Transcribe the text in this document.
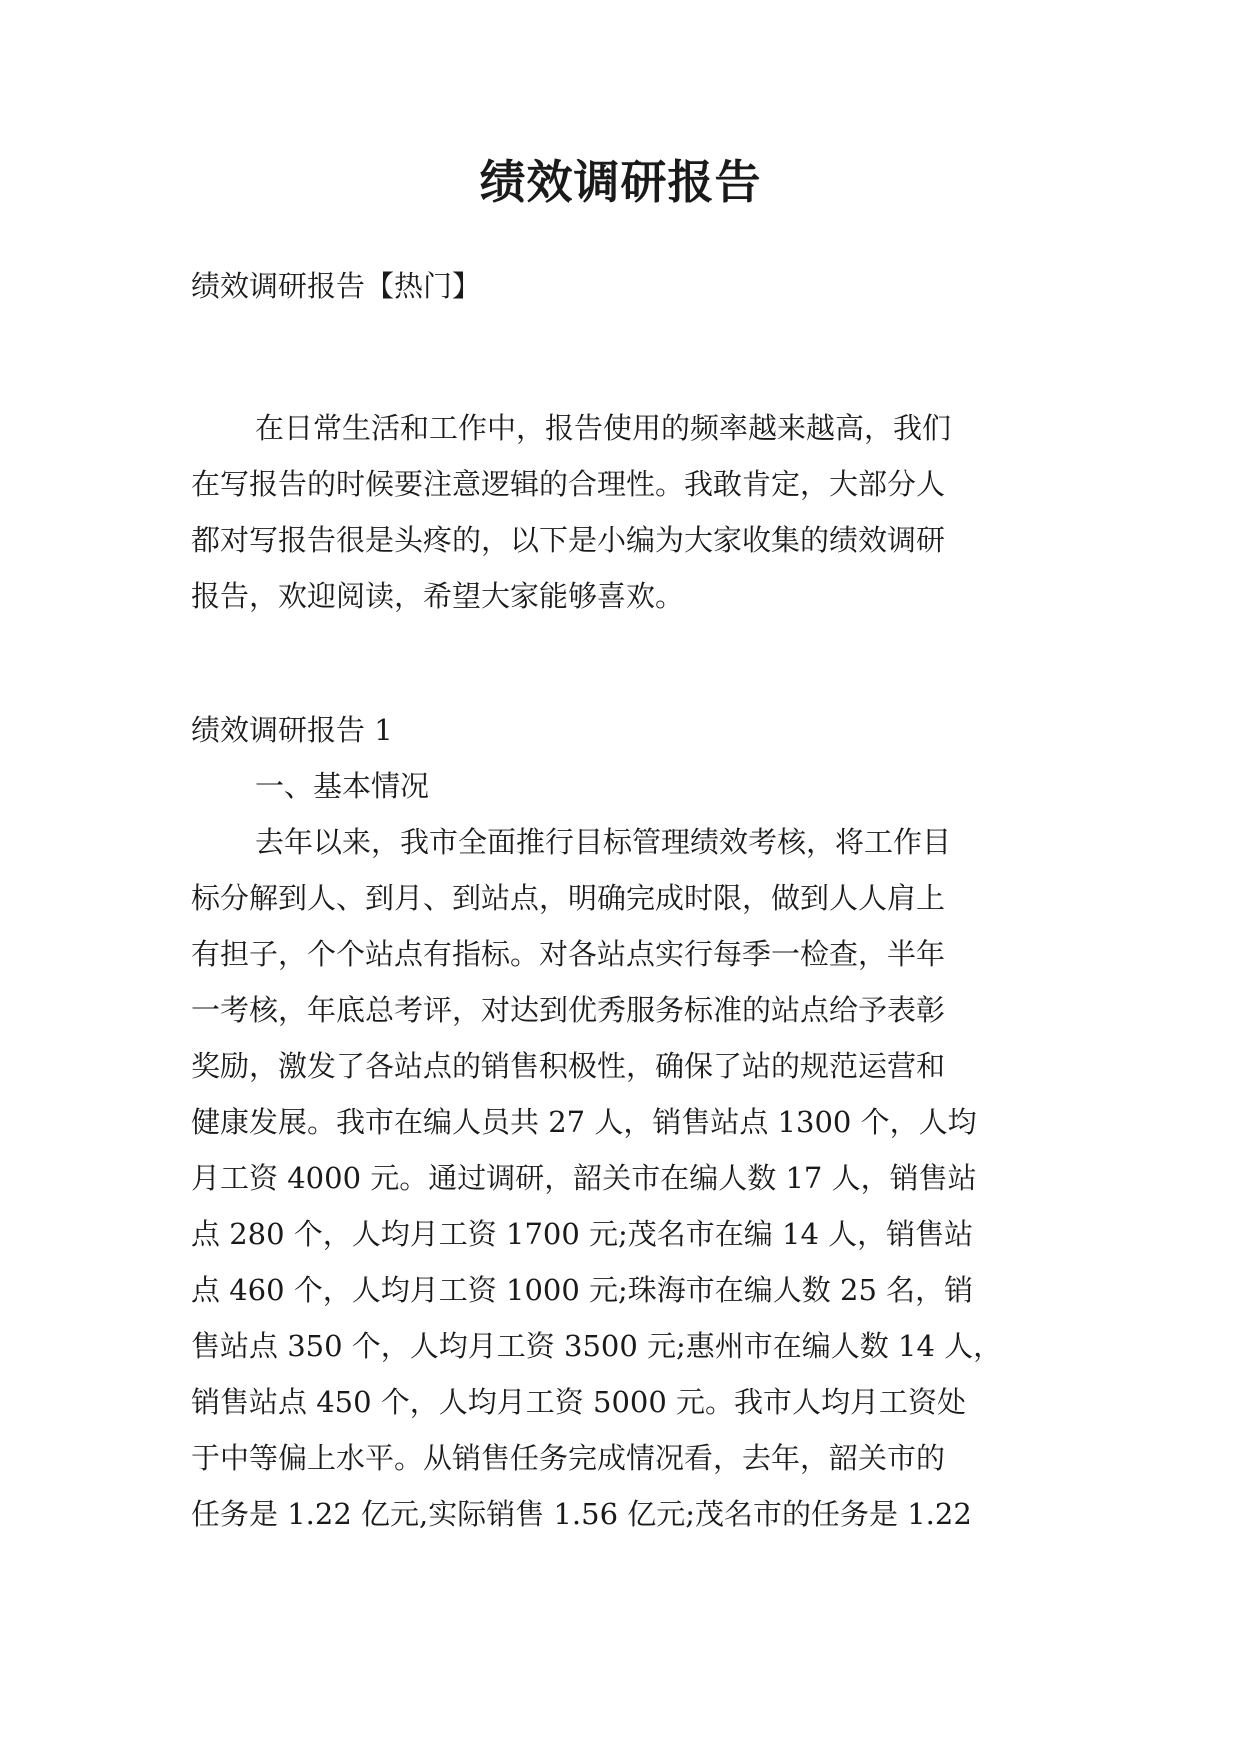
绩效调研报告
绩效调研报告【热门】
在日常生活和工作中，报告使用的频率越来越高，我们
在写报告的时候要注意逻辑的合理性。我敢肯定，大部分人
都对写报告很是头疼的，以下是小编为大家收集的绩效调研
报告，欢迎阅读，希望大家能够喜欢。
绩效调研报告 1
一、基本情况
去年以来，我市全面推行目标管理绩效考核，将工作目
标分解到人、到月、到站点，明确完成时限，做到人人肩上
有担子，个个站点有指标。对各站点实行每季一检查，半年
一考核，年底总考评，对达到优秀服务标准的站点给予表彰
奖励，激发了各站点的销售积极性，确保了站的规范运营和
健康发展。我市在编人员共 27 人，销售站点 1300 个，人均
月工资 4000 元。通过调研，韶关市在编人数 17 人，销售站
点 280 个，人均月工资 1700 元;茂名市在编 14 人，销售站
点 460 个，人均月工资 1000 元;珠海市在编人数 25 名，销
售站点 350 个，人均月工资 3500 元;惠州市在编人数 14 人，
销售站点 450 个，人均月工资 5000 元。我市人均月工资处
于中等偏上水平。从销售任务完成情况看，去年，韶关市的
任务是 1.22 亿元,实际销售 1.56 亿元;茂名市的任务是 1.22
